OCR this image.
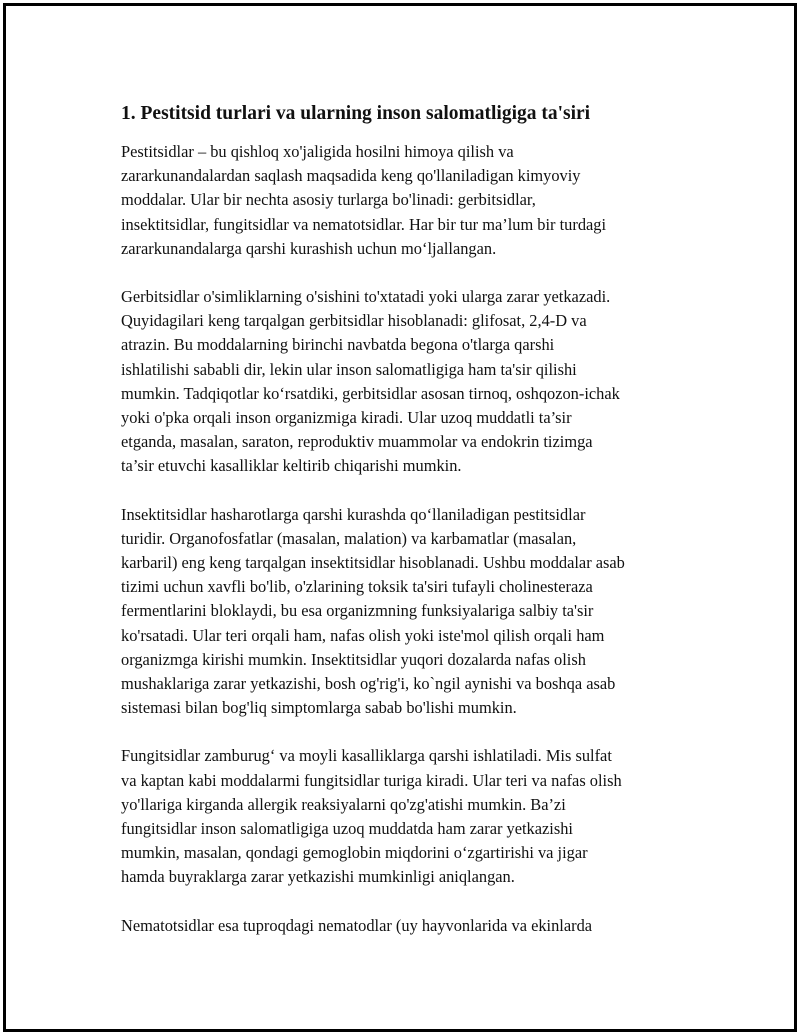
1. Pestitsid turlari va ularning inson salomatligiga ta'siri

Pestitsidlar – bu qishloq xo'jaligida hosilni himoya qilish va
zararkunandalardan saqlash maqsadida keng qo'llaniladigan kimyoviy
moddalar. Ular bir nechta asosiy turlarga bo'linadi: gerbitsidlar,
insektitsidlar, fungitsidlar va nematotsidlar. Har bir tur ma’lum bir turdagi
zararkunandalarga qarshi kurashish uchun mo‘ljallangan.

Gerbitsidlar o'simliklarning o'sishini to'xtatadi yoki ularga zarar yetkazadi.
Quyidagilari keng tarqalgan gerbitsidlar hisoblanadi: glifosat, 2,4-D va
atrazin. Bu moddalarning birinchi navbatda begona o'tlarga qarshi
ishlatilishi sababli dir, lekin ular inson salomatligiga ham ta'sir qilishi
mumkin. Tadqiqotlar ko‘rsatdiki, gerbitsidlar asosan tirnoq, oshqozon-ichak
yoki o'pka orqali inson organizmiga kiradi. Ular uzoq muddatli ta’sir
etganda, masalan, saraton, reproduktiv muammolar va endokrin tizimga
ta’sir etuvchi kasalliklar keltirib chiqarishi mumkin.

Insektitsidlar hasharotlarga qarshi kurashda qo‘llaniladigan pestitsidlar
turidir. Organofosfatlar (masalan, malation) va karbamatlar (masalan,
karbaril) eng keng tarqalgan insektitsidlar hisoblanadi. Ushbu moddalar asab
tizimi uchun xavfli bo'lib, o'zlarining toksik ta'siri tufayli cholinesteraza
fermentlarini bloklaydi, bu esa organizmning funksiyalariga salbiy ta'sir
ko'rsatadi. Ular teri orqali ham, nafas olish yoki iste'mol qilish orqali ham
organizmga kirishi mumkin. Insektitsidlar yuqori dozalarda nafas olish
mushaklariga zarar yetkazishi, bosh og'rig'i, ko`ngil aynishi va boshqa asab
sistemasi bilan bog'liq simptomlarga sabab bo'lishi mumkin.

Fungitsidlar zamburug‘ va moyli kasalliklarga qarshi ishlatiladi. Mis sulfat
va kaptan kabi moddalarmi fungitsidlar turiga kiradi. Ular teri va nafas olish
yo'llariga kirganda allergik reaksiyalarni qo'zg'atishi mumkin. Ba’zi
fungitsidlar inson salomatligiga uzoq muddatda ham zarar yetkazishi
mumkin, masalan, qondagi gemoglobin miqdorini o‘zgartirishi va jigar
hamda buyraklarga zarar yetkazishi mumkinligi aniqlangan.

Nematotsidlar esa tuproqdagi nematodlar (uy hayvonlarida va ekinlarda
